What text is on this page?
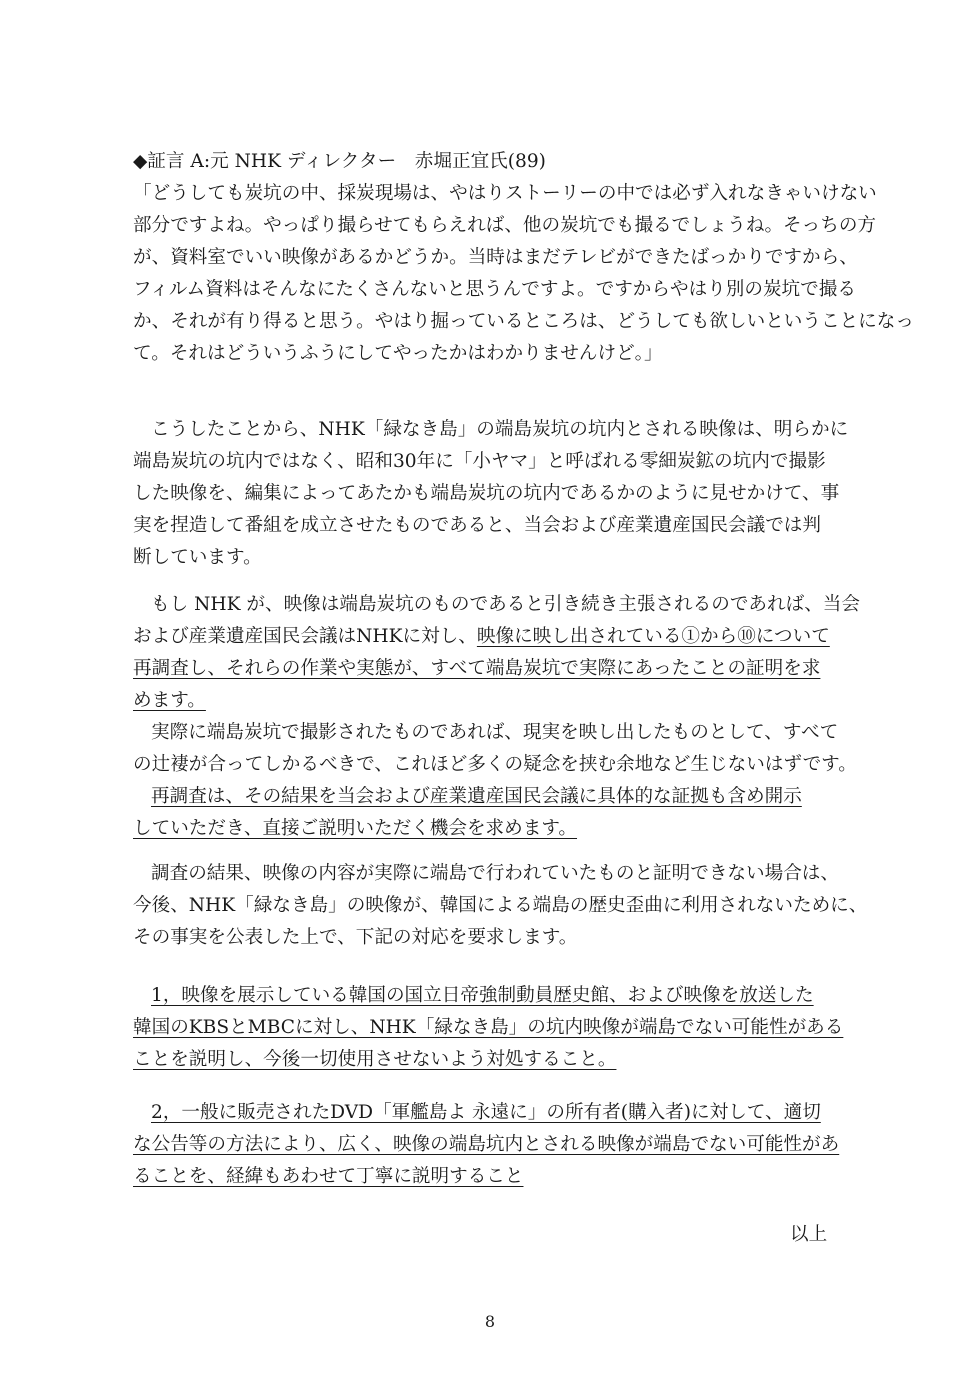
◆証言 A:元 NHK ディレクター　赤堀正宜氏(89)
「どうしても炭坑の中、採炭現場は、やはりストーリーの中では必ず入れなきゃいけない
部分ですよね。やっぱり撮らせてもらえれば、他の炭坑でも撮るでしょうね。そっちの方
が、資料室でいい映像があるかどうか。当時はまだテレビができたばっかりですから、
フィルム資料はそんなにたくさんないと思うんですよ。ですからやはり別の炭坑で撮る
か、それが有り得ると思う。やはり掘っているところは、どうしても欲しいということになっ
て。それはどういうふうにしてやったかはわかりませんけど。」
こうしたことから、NHK「緑なき島」の端島炭坑の坑内とされる映像は、明らかに
端島炭坑の坑内ではなく、昭和30年に「小ヤマ」と呼ばれる零細炭鉱の坑内で撮影
した映像を、編集によってあたかも端島炭坑の坑内であるかのように見せかけて、事
実を捏造して番組を成立させたものであると、当会および産業遺産国民会議では判
断しています。
もし NHK が、映像は端島炭坑のものであると引き続き主張されるのであれば、当会
および産業遺産国民会議はNHKに対し、映像に映し出されている①から⑩について
再調査し、それらの作業や実態が、すべて端島炭坑で実際にあったことの証明を求
めます。
実際に端島炭坑で撮影されたものであれば、現実を映し出したものとして、すべて
の辻褄が合ってしかるべきで、これほど多くの疑念を挟む余地など生じないはずです。
再調査は、その結果を当会および産業遺産国民会議に具体的な証拠も含め開示
していただき、直接ご説明いただく機会を求めます。
調査の結果、映像の内容が実際に端島で行われていたものと証明できない場合は、
今後、NHK「緑なき島」の映像が、韓国による端島の歴史歪曲に利用されないために、
その事実を公表した上で、下記の対応を要求します。
1，映像を展示している韓国の国立日帝強制動員歴史館、および映像を放送した
韓国のKBSとMBCに対し、NHK「緑なき島」の坑内映像が端島でない可能性がある
ことを説明し、今後一切使用させないよう対処すること。
2，一般に販売されたDVD「軍艦島よ 永遠に」の所有者(購入者)に対して、適切
な公告等の方法により、広く、映像の端島坑内とされる映像が端島でない可能性があ
ることを、経緯もあわせて丁寧に説明すること
以上
8
